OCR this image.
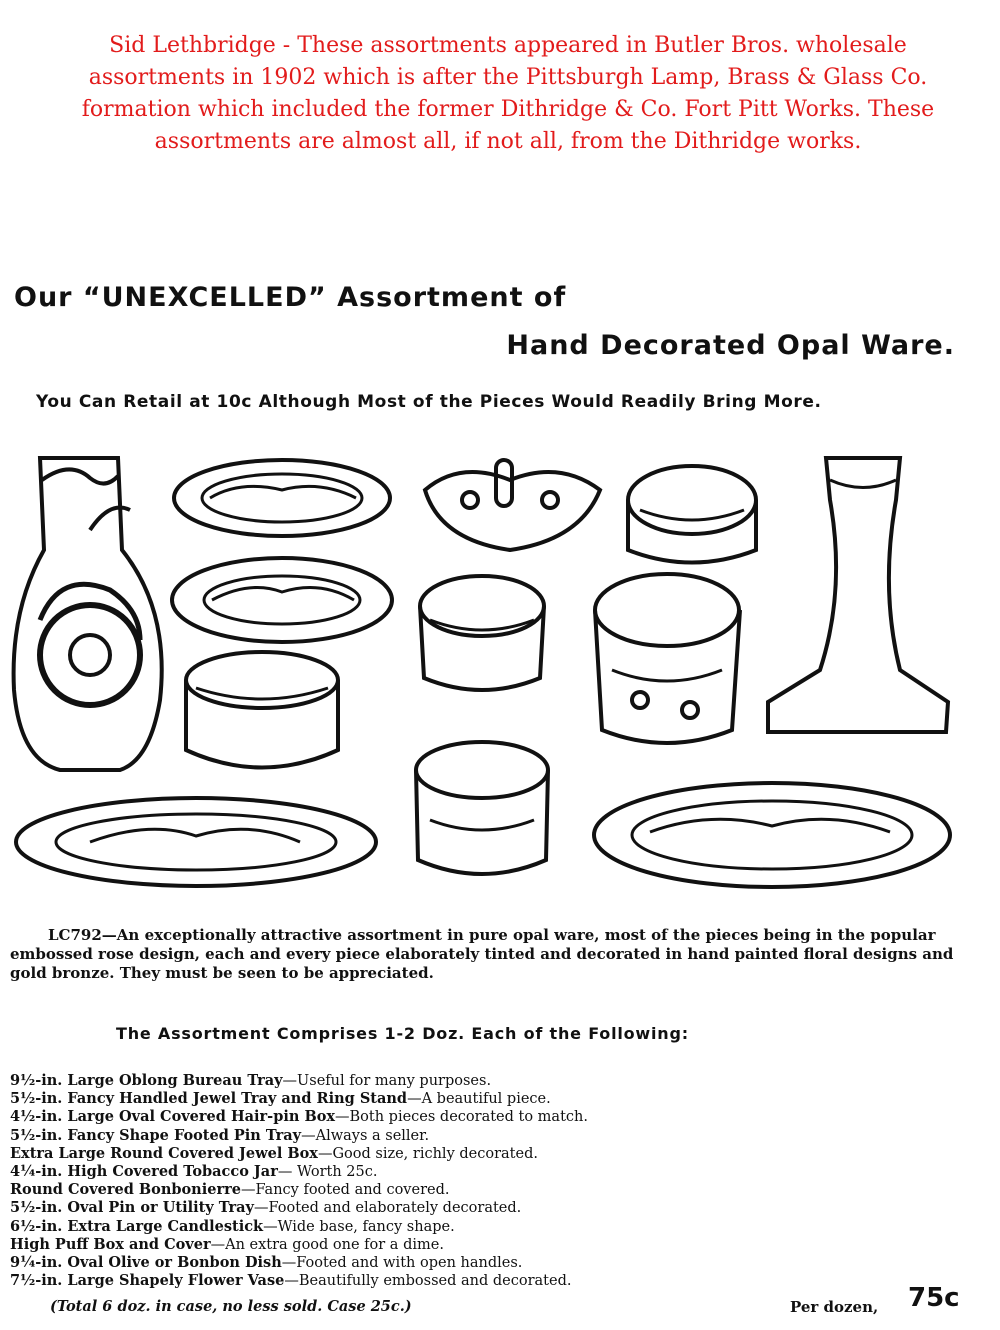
Sid Lethbridge - These assortments appeared in Butler Bros. wholesale assortments in 1902 which is after the Pittsburgh Lamp, Brass & Glass Co. formation which included the former Dithridge & Co. Fort Pitt Works. These assortments are almost all, if not all, from the Dithridge works.
Our “UNEXCELLED” Assortment of
Hand Decorated Opal Ware.
You Can Retail at 10c Although Most of the Pieces Would Readily Bring More.
LC792—An exceptionally attractive assortment in pure opal ware, most of the pieces being in the popular embossed rose design, each and every piece elaborately tinted and decorated in hand painted floral designs and gold bronze. They must be seen to be appreciated.
The Assortment Comprises 1-2 Doz. Each of the Following:
9½-in. Large Oblong Bureau Tray—Useful for many purposes.
5½-in. Fancy Handled Jewel Tray and Ring Stand—A beautiful piece.
4½-in. Large Oval Covered Hair-pin Box—Both pieces decorated to match.
5½-in. Fancy Shape Footed Pin Tray—Always a seller.
Extra Large Round Covered Jewel Box—Good size, richly decorated.
4¼-in. High Covered Tobacco Jar— Worth 25c.
Round Covered Bonbonierre—Fancy footed and covered.
5½-in. Oval Pin or Utility Tray—Footed and elaborately decorated.
6½-in. Extra Large Candlestick—Wide base, fancy shape.
High Puff Box and Cover—An extra good one for a dime.
9¼-in. Oval Olive or Bonbon Dish—Footed and with open handles.
7½-in. Large Shapely Flower Vase—Beautifully embossed and decorated.
(Total 6 doz. in case, no less sold. Case 25c.)	Per dozen, 75c
